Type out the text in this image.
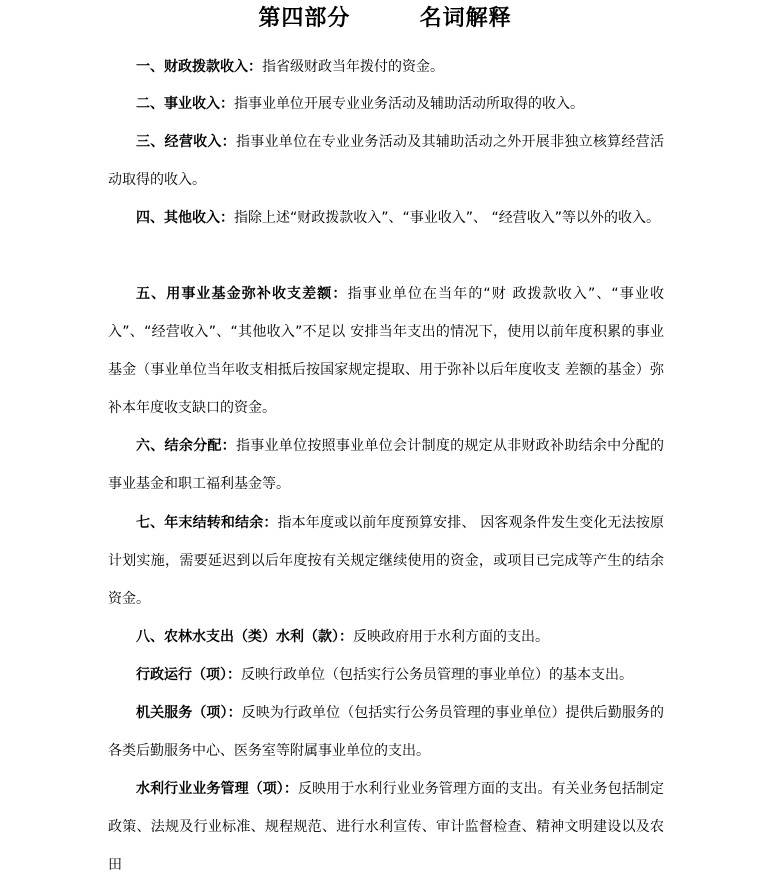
第四部分        名词解释

一、财政拨款收入：指省级财政当年拨付的资金。

二、事业收入：指事业单位开展专业业务活动及辅助活动所取得的收入。

三、经营收入：指事业单位在专业业务活动及其辅助活动之外开展非独立核算经营活动取得的收入。

四、其他收入：指除上述“财政拨款收入”、“事业收入”、 “经营收入”等以外的收入。

五、用事业基金弥补收支差额：指事业单位在当年的“财 政拨款收入”、“事业收入”、“经营收入”、“其他收入”不足以 安排当年支出的情况下，使用以前年度积累的事业基金（事业单位当年收支相抵后按国家规定提取、用于弥补以后年度收支 差额的基金）弥补本年度收支缺口的资金。

六、结余分配：指事业单位按照事业单位会计制度的规定从非财政补助结余中分配的事业基金和职工福利基金等。

七、年末结转和结余：指本年度或以前年度预算安排、 因客观条件发生变化无法按原计划实施，需要延迟到以后年度按有关规定继续使用的资金，或项目已完成等产生的结余资金。

八、农林水支出（类）水利（款）：反映政府用于水利方面的支出。

行政运行（项）：反映行政单位（包括实行公务员管理的事业单位）的基本支出。

机关服务（项）：反映为行政单位（包括实行公务员管理的事业单位）提供后勤服务的各类后勤服务中心、医务室等附属事业单位的支出。

水利行业业务管理（项）：反映用于水利行业业务管理方面的支出。有关业务包括制定政策、法规及行业标准、规程规范、进行水利宣传、审计监督检查、精神文明建设以及农田
